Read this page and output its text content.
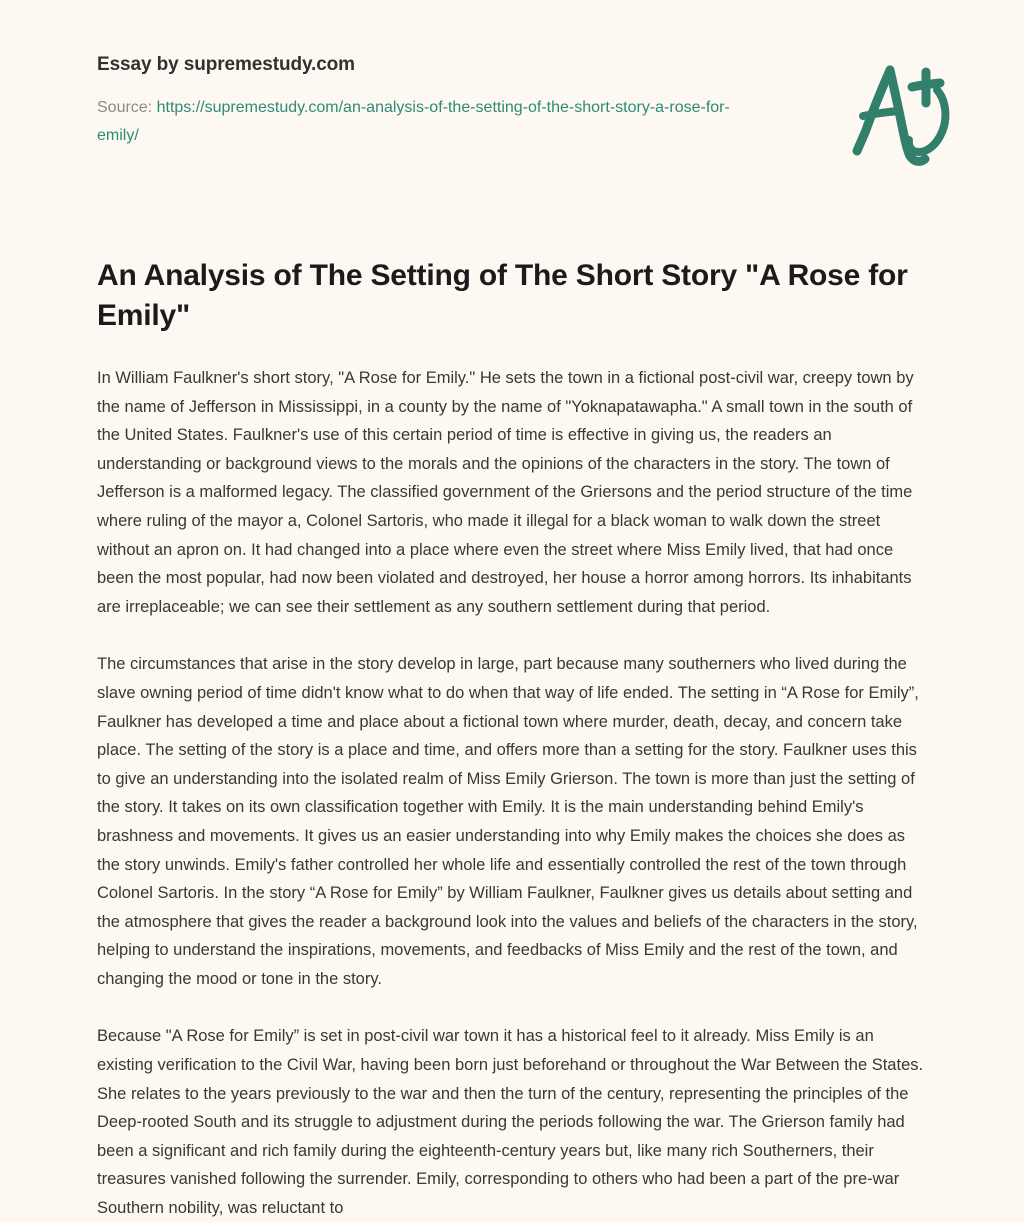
Essay by supremestudy.com
Source: https://supremestudy.com/an-analysis-of-the-setting-of-the-short-story-a-rose-for-emily/
An Analysis of The Setting of The Short Story "A Rose for Emily"

In William Faulkner's short story, "A Rose for Emily." He sets the town in a fictional post-civil war, creepy town by the name of Jefferson in Mississippi, in a county by the name of "Yoknapatawapha." A small town in the south of the United States. Faulkner's use of this certain period of time is effective in giving us, the readers an understanding or background views to the morals and the opinions of the characters in the story. The town of Jefferson is a malformed legacy. The classified government of the Griersons and the period structure of the time where ruling of the mayor a, Colonel Sartoris, who made it illegal for a black woman to walk down the street without an apron on. It had changed into a place where even the street where Miss Emily lived, that had once been the most popular, had now been violated and destroyed, her house a horror among horrors. Its inhabitants are irreplaceable; we can see their settlement as any southern settlement during that period.

The circumstances that arise in the story develop in large, part because many southerners who lived during the slave owning period of time didn't know what to do when that way of life ended. The setting in “A Rose for Emily”, Faulkner has developed a time and place about a fictional town where murder, death, decay, and concern take place. The setting of the story is a place and time, and offers more than a setting for the story. Faulkner uses this to give an understanding into the isolated realm of Miss Emily Grierson. The town is more than just the setting of the story. It takes on its own classification together with Emily. It is the main understanding behind Emily's brashness and movements. It gives us an easier understanding into why Emily makes the choices she does as the story unwinds. Emily's father controlled her whole life and essentially controlled the rest of the town through Colonel Sartoris. In the story “A Rose for Emily” by William Faulkner, Faulkner gives us details about setting and the atmosphere that gives the reader a background look into the values and beliefs of the characters in the story, helping to understand the inspirations, movements, and feedbacks of Miss Emily and the rest of the town, and changing the mood or tone in the story.

Because "A Rose for Emily” is set in post-civil war town it has a historical feel to it already. Miss Emily is an existing verification to the Civil War, having been born just beforehand or throughout the War Between the States. She relates to the years previously to the war and then the turn of the century, representing the principles of the Deep-rooted South and its struggle to adjustment during the periods following the war. The Grierson family had been a significant and rich family during the eighteenth-century years but, like many rich Southerners, their treasures vanished following the surrender. Emily, corresponding to others who had been a part of the pre-war Southern nobility, was reluctant to
